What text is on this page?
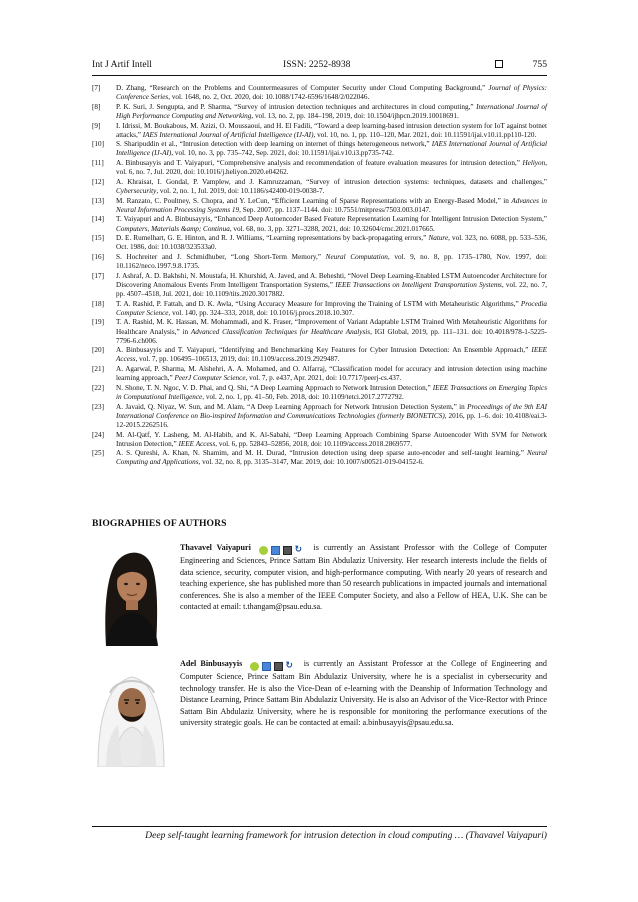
Int J Artif Intell	ISSN: 2252-8938	755
[7] D. Zhang, “Research on the Problems and Countermeasures of Computer Security under Cloud Computing Background,” Journal of Physics: Conference Series, vol. 1648, no. 2, Oct. 2020, doi: 10.1088/1742-6596/1648/2/022046.
[8] P. K. Suri, J. Sengupta, and P. Sharma, “Survey of intrusion detection techniques and architectures in cloud computing,” International Journal of High Performance Computing and Networking, vol. 13, no. 2, pp. 184–198, 2019, doi: 10.1504/ijhpcn.2019.10018691.
[9] I. Idrissi, M. Boukabous, M. Azizi, O. Moussaoui, and H. El Fadili, “Toward a deep learning-based intrusion detection system for IoT against botnet attacks,” IAES International Journal of Artificial Intelligence (IJ-AI), vol. 10, no. 1, pp. 110–120, Mar. 2021, doi: 10.11591/ijai.v10.i1.pp110-120.
[10] S. Sharipuddin et al., “Intrusion detection with deep learning on internet of things heterogeneous network,” IAES International Journal of Artificial Intelligence (IJ-AI), vol. 10, no. 3, pp. 735–742, Sep. 2021, doi: 10.11591/ijai.v10.i3.pp735-742.
[11] A. Binbusayyis and T. Vaiyapuri, “Comprehensive analysis and recommendation of feature evaluation measures for intrusion detection,” Heliyon, vol. 6, no. 7, Jul. 2020, doi: 10.1016/j.heliyon.2020.e04262.
[12] A. Khraisat, I. Gondal, P. Vamplew, and J. Kamruzzaman, “Survey of intrusion detection systems: techniques, datasets and challenges,” Cybersecurity, vol. 2, no. 1, Jul. 2019, doi: 10.1186/s42400-019-0038-7.
[13] M. Ranzato, C. Poultney, S. Chopra, and Y. LeCun, “Efficient Learning of Sparse Representations with an Energy-Based Model,” in Advances in Neural Information Processing Systems 19, Sep. 2007, pp. 1137–1144. doi: 10.7551/mitpress/7503.003.0147.
[14] T. Vaiyapuri and A. Binbusayyis, “Enhanced Deep Autoencoder Based Feature Representation Learning for Intelligent Intrusion Detection System,” Computers, Materials &amp; Continua, vol. 68, no. 3, pp. 3271–3288, 2021, doi: 10.32604/cmc.2021.017665.
[15] D. E. Rumelhart, G. E. Hinton, and R. J. Williams, “Learning representations by back-propagating errors,” Nature, vol. 323, no. 6088, pp. 533–536, Oct. 1986, doi: 10.1038/323533a0.
[16] S. Hochreiter and J. Schmidhuber, “Long Short-Term Memory,” Neural Computation, vol. 9, no. 8, pp. 1735–1780, Nov. 1997, doi: 10.1162/neco.1997.9.8.1735.
[17] J. Ashraf, A. D. Bakhshi, N. Moustafa, H. Khurshid, A. Javed, and A. Beheshti, “Novel Deep Learning-Enabled LSTM Autoencoder Architecture for Discovering Anomalous Events From Intelligent Transportation Systems,” IEEE Transactions on Intelligent Transportation Systems, vol. 22, no. 7, pp. 4507–4518, Jul. 2021, doi: 10.1109/tits.2020.3017882.
[18] T. A. Rashid, P. Fattah, and D. K. Awla, “Using Accuracy Measure for Improving the Training of LSTM with Metaheuristic Algorithms,” Procedia Computer Science, vol. 140, pp. 324–333, 2018, doi: 10.1016/j.procs.2018.10.307.
[19] T. A. Rashid, M. K. Hassan, M. Mohammadi, and K. Fraser, “Improvement of Variant Adaptable LSTM Trained With Metaheuristic Algorithms for Healthcare Analysis,” in Advanced Classification Techniques for Healthcare Analysis, IGI Global, 2019, pp. 111–131. doi: 10.4018/978-1-5225-7796-6.ch006.
[20] A. Binbusayyis and T. Vaiyapuri, “Identifying and Benchmarking Key Features for Cyber Intrusion Detection: An Ensemble Approach,” IEEE Access, vol. 7, pp. 106495–106513, 2019, doi: 10.1109/access.2019.2929487.
[21] A. Agarwal, P. Sharma, M. Alshehri, A. A. Mohamed, and O. Alfarraj, “Classification model for accuracy and intrusion detection using machine learning approach,” PeerJ Computer Science, vol. 7, p. e437, Apr. 2021, doi: 10.7717/peerj-cs.437.
[22] N. Shone, T. N. Ngoc, V. D. Phai, and Q. Shi, “A Deep Learning Approach to Network Intrusion Detection,” IEEE Transactions on Emerging Topics in Computational Intelligence, vol. 2, no. 1, pp. 41–50, Feb. 2018, doi: 10.1109/tetci.2017.2772792.
[23] A. Javaid, Q. Niyaz, W. Sun, and M. Alam, “A Deep Learning Approach for Network Intrusion Detection System,” in Proceedings of the 9th EAI International Conference on Bio-inspired Information and Communications Technologies (formerly BIONETICS), 2016, pp. 1–6. doi: 10.4108/eai.3-12-2015.2262516.
[24] M. Al-Qatf, Y. Lasheng, M. Al-Habib, and K. Al-Sabahi, “Deep Learning Approach Combining Sparse Autoencoder With SVM for Network Intrusion Detection,” IEEE Access, vol. 6, pp. 52843–52856, 2018, doi: 10.1109/access.2018.2869577.
[25] A. S. Qureshi, A. Khan, N. Shamim, and M. H. Durad, “Intrusion detection using deep sparse auto-encoder and self-taught learning,” Neural Computing and Applications, vol. 32, no. 8, pp. 3135–3147, Mar. 2019, doi: 10.1007/s00521-019-04152-6.
BIOGRAPHIES OF AUTHORS

Thavavel Vaiyapuri	↻ is currently an Assistant Professor with the College of Computer Engineering and Sciences, Prince Sattam Bin Abdulaziz University. Her research interests include the fields of data science, security, computer vision, and high-performance computing. With nearly 20 years of research and teaching experience, she has published more than 50 research publications in impacted journals and international conferences. She is also a member of the IEEE Computer Society, and also a Fellow of HEA, U.K. She can be contacted at email: t.thangam@psau.edu.sa.

Adel Binbusayyis	↻ is currently an Assistant Professor at the College of Engineering and Computer Science, Prince Sattam Bin Abdulaziz University, where he is a specialist in cybersecurity and technology transfer. He is also the Vice-Dean of e-learning with the Deanship of Information Technology and Distance Learning, Prince Sattam Bin Abdulaziz University. He is also an Advisor of the Vice-Rector with Prince Sattam Bin Abdulaziz University, where he is responsible for monitoring the performance executions of the university strategic goals. He can be contacted at email: a.binbusayyis@psau.edu.sa.

Deep self-taught learning framework for intrusion detection in cloud computing … (Thavavel Vaiyapuri)
